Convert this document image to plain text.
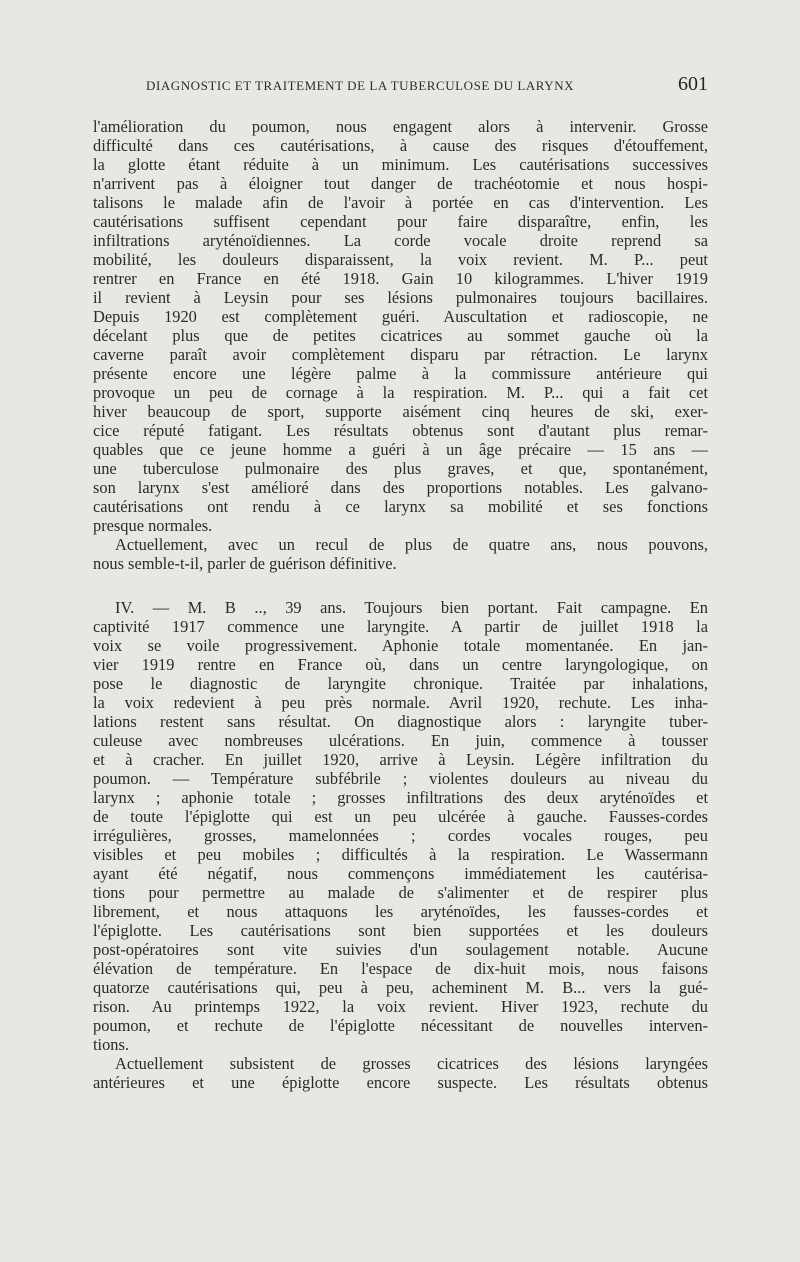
DIAGNOSTIC ET TRAITEMENT DE LA TUBERCULOSE DU LARYNX	601
l'amélioration du poumon, nous engagent alors à intervenir. Grosse
difficulté dans ces cautérisations, à cause des risques d'étouffement,
la glotte étant réduite à un minimum. Les cautérisations successives
n'arrivent pas à éloigner tout danger de trachéotomie et nous hospi-
talisons le malade afin de l'avoir à portée en cas d'intervention. Les
cautérisations suffisent cependant pour faire disparaître, enfin, les
infiltrations aryténoïdiennes. La corde vocale droite reprend sa
mobilité, les douleurs disparaissent, la voix revient. M. P... peut
rentrer en France en été 1918. Gain 10 kilogrammes. L'hiver 1919
il revient à Leysin pour ses lésions pulmonaires toujours bacillaires.
Depuis 1920 est complètement guéri. Auscultation et radioscopie, ne
décelant plus que de petites cicatrices au sommet gauche où la
caverne paraît avoir complètement disparu par rétraction. Le larynx
présente encore une légère palme à la commissure antérieure qui
provoque un peu de cornage à la respiration. M. P... qui a fait cet
hiver beaucoup de sport, supporte aisément cinq heures de ski, exer-
cice réputé fatigant. Les résultats obtenus sont d'autant plus remar-
quables que ce jeune homme a guéri à un âge précaire — 15 ans —
une tuberculose pulmonaire des plus graves, et que, spontanément,
son larynx s'est amélioré dans des proportions notables. Les galvano-
cautérisations ont rendu à ce larynx sa mobilité et ses fonctions
presque normales.
Actuellement, avec un recul de plus de quatre ans, nous pouvons,
nous semble-t-il, parler de guérison définitive.
IV. — M. B .., 39 ans. Toujours bien portant. Fait campagne. En
captivité 1917 commence une laryngite. A partir de juillet 1918 la
voix se voile progressivement. Aphonie totale momentanée. En jan-
vier 1919 rentre en France où, dans un centre laryngologique, on
pose le diagnostic de laryngite chronique. Traitée par inhalations,
la voix redevient à peu près normale. Avril 1920, rechute. Les inha-
lations restent sans résultat. On diagnostique alors : laryngite tuber-
culeuse avec nombreuses ulcérations. En juin, commence à tousser
et à cracher. En juillet 1920, arrive à Leysin. Légère infiltration du
poumon. — Température subfébrile ; violentes douleurs au niveau du
larynx ; aphonie totale ; grosses infiltrations des deux aryténoïdes et
de toute l'épiglotte qui est un peu ulcérée à gauche. Fausses-cordes
irrégulières, grosses, mamelonnées ; cordes vocales rouges, peu
visibles et peu mobiles ; difficultés à la respiration. Le Wassermann
ayant été négatif, nous commençons immédiatement les cautérisa-
tions pour permettre au malade de s'alimenter et de respirer plus
librement, et nous attaquons les aryténoïdes, les fausses-cordes et
l'épiglotte. Les cautérisations sont bien supportées et les douleurs
post-opératoires sont vite suivies d'un soulagement notable. Aucune
élévation de température. En l'espace de dix-huit mois, nous faisons
quatorze cautérisations qui, peu à peu, acheminent M. B... vers la gué-
rison. Au printemps 1922, la voix revient. Hiver 1923, rechute du
poumon, et rechute de l'épiglotte nécessitant de nouvelles interven-
tions.
Actuellement subsistent de grosses cicatrices des lésions laryngées
antérieures et une épiglotte encore suspecte. Les résultats obtenus
